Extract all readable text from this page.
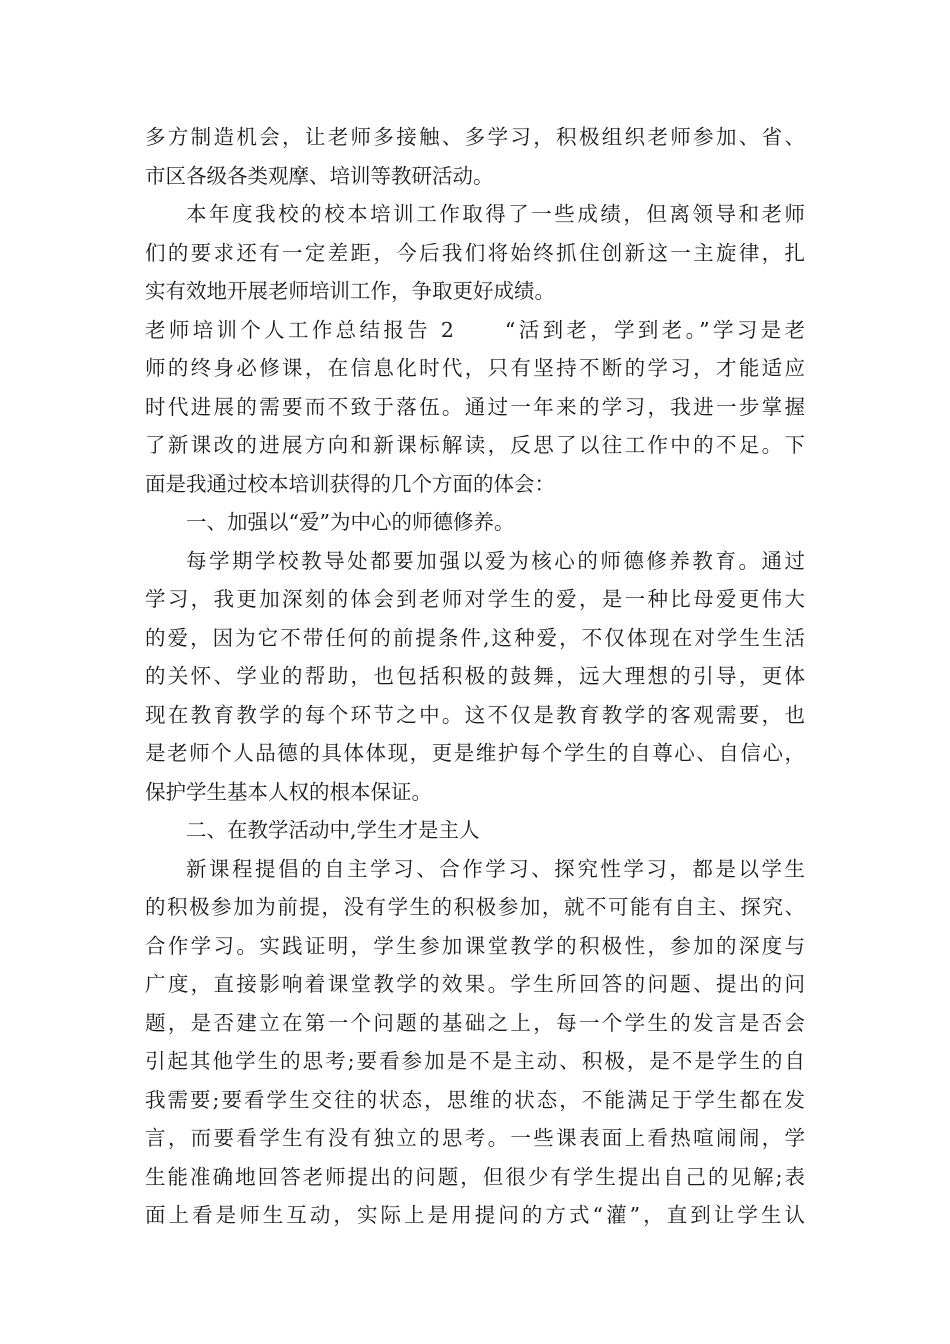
多方制造机会，让老师多接触、多学习，积极组织老师参加、省、
市区各级各类观摩、培训等教研活动。
本年度我校的校本培训工作取得了一些成绩，但离领导和老师
们的要求还有一定差距，今后我们将始终抓住创新这一主旋律，扎
实有效地开展老师培训工作，争取更好成绩。
老师培训个人工作总结报告 2　　“活到老，学到老。”学习是老
师的终身必修课，在信息化时代，只有坚持不断的学习，才能适应
时代进展的需要而不致于落伍。通过一年来的学习，我进一步掌握
了新课改的进展方向和新课标解读，反思了以往工作中的不足。下
面是我通过校本培训获得的几个方面的体会：
一、加强以“爱”为中心的师德修养。
每学期学校教导处都要加强以爱为核心的师德修养教育。通过
学习，我更加深刻的体会到老师对学生的爱，是一种比母爱更伟大
的爱，因为它不带任何的前提条件,这种爱，不仅体现在对学生生活
的关怀、学业的帮助，也包括积极的鼓舞，远大理想的引导，更体
现在教育教学的每个环节之中。这不仅是教育教学的客观需要，也
是老师个人品德的具体体现，更是维护每个学生的自尊心、自信心，
保护学生基本人权的根本保证。
二、在教学活动中,学生才是主人
新课程提倡的自主学习、合作学习、探究性学习，都是以学生
的积极参加为前提，没有学生的积极参加，就不可能有自主、探究、
合作学习。实践证明，学生参加课堂教学的积极性，参加的深度与
广度，直接影响着课堂教学的效果。学生所回答的问题、提出的问
题，是否建立在第一个问题的基础之上，每一个学生的发言是否会
引起其他学生的思考;要看参加是不是主动、积极，是不是学生的自
我需要;要看学生交往的状态，思维的状态，不能满足于学生都在发
言，而要看学生有没有独立的思考。一些课表面上看热喧闹闹，学
生能准确地回答老师提出的问题，但很少有学生提出自己的见解;表
面上看是师生互动，实际上是用提问的方式“灌”，直到让学生认
